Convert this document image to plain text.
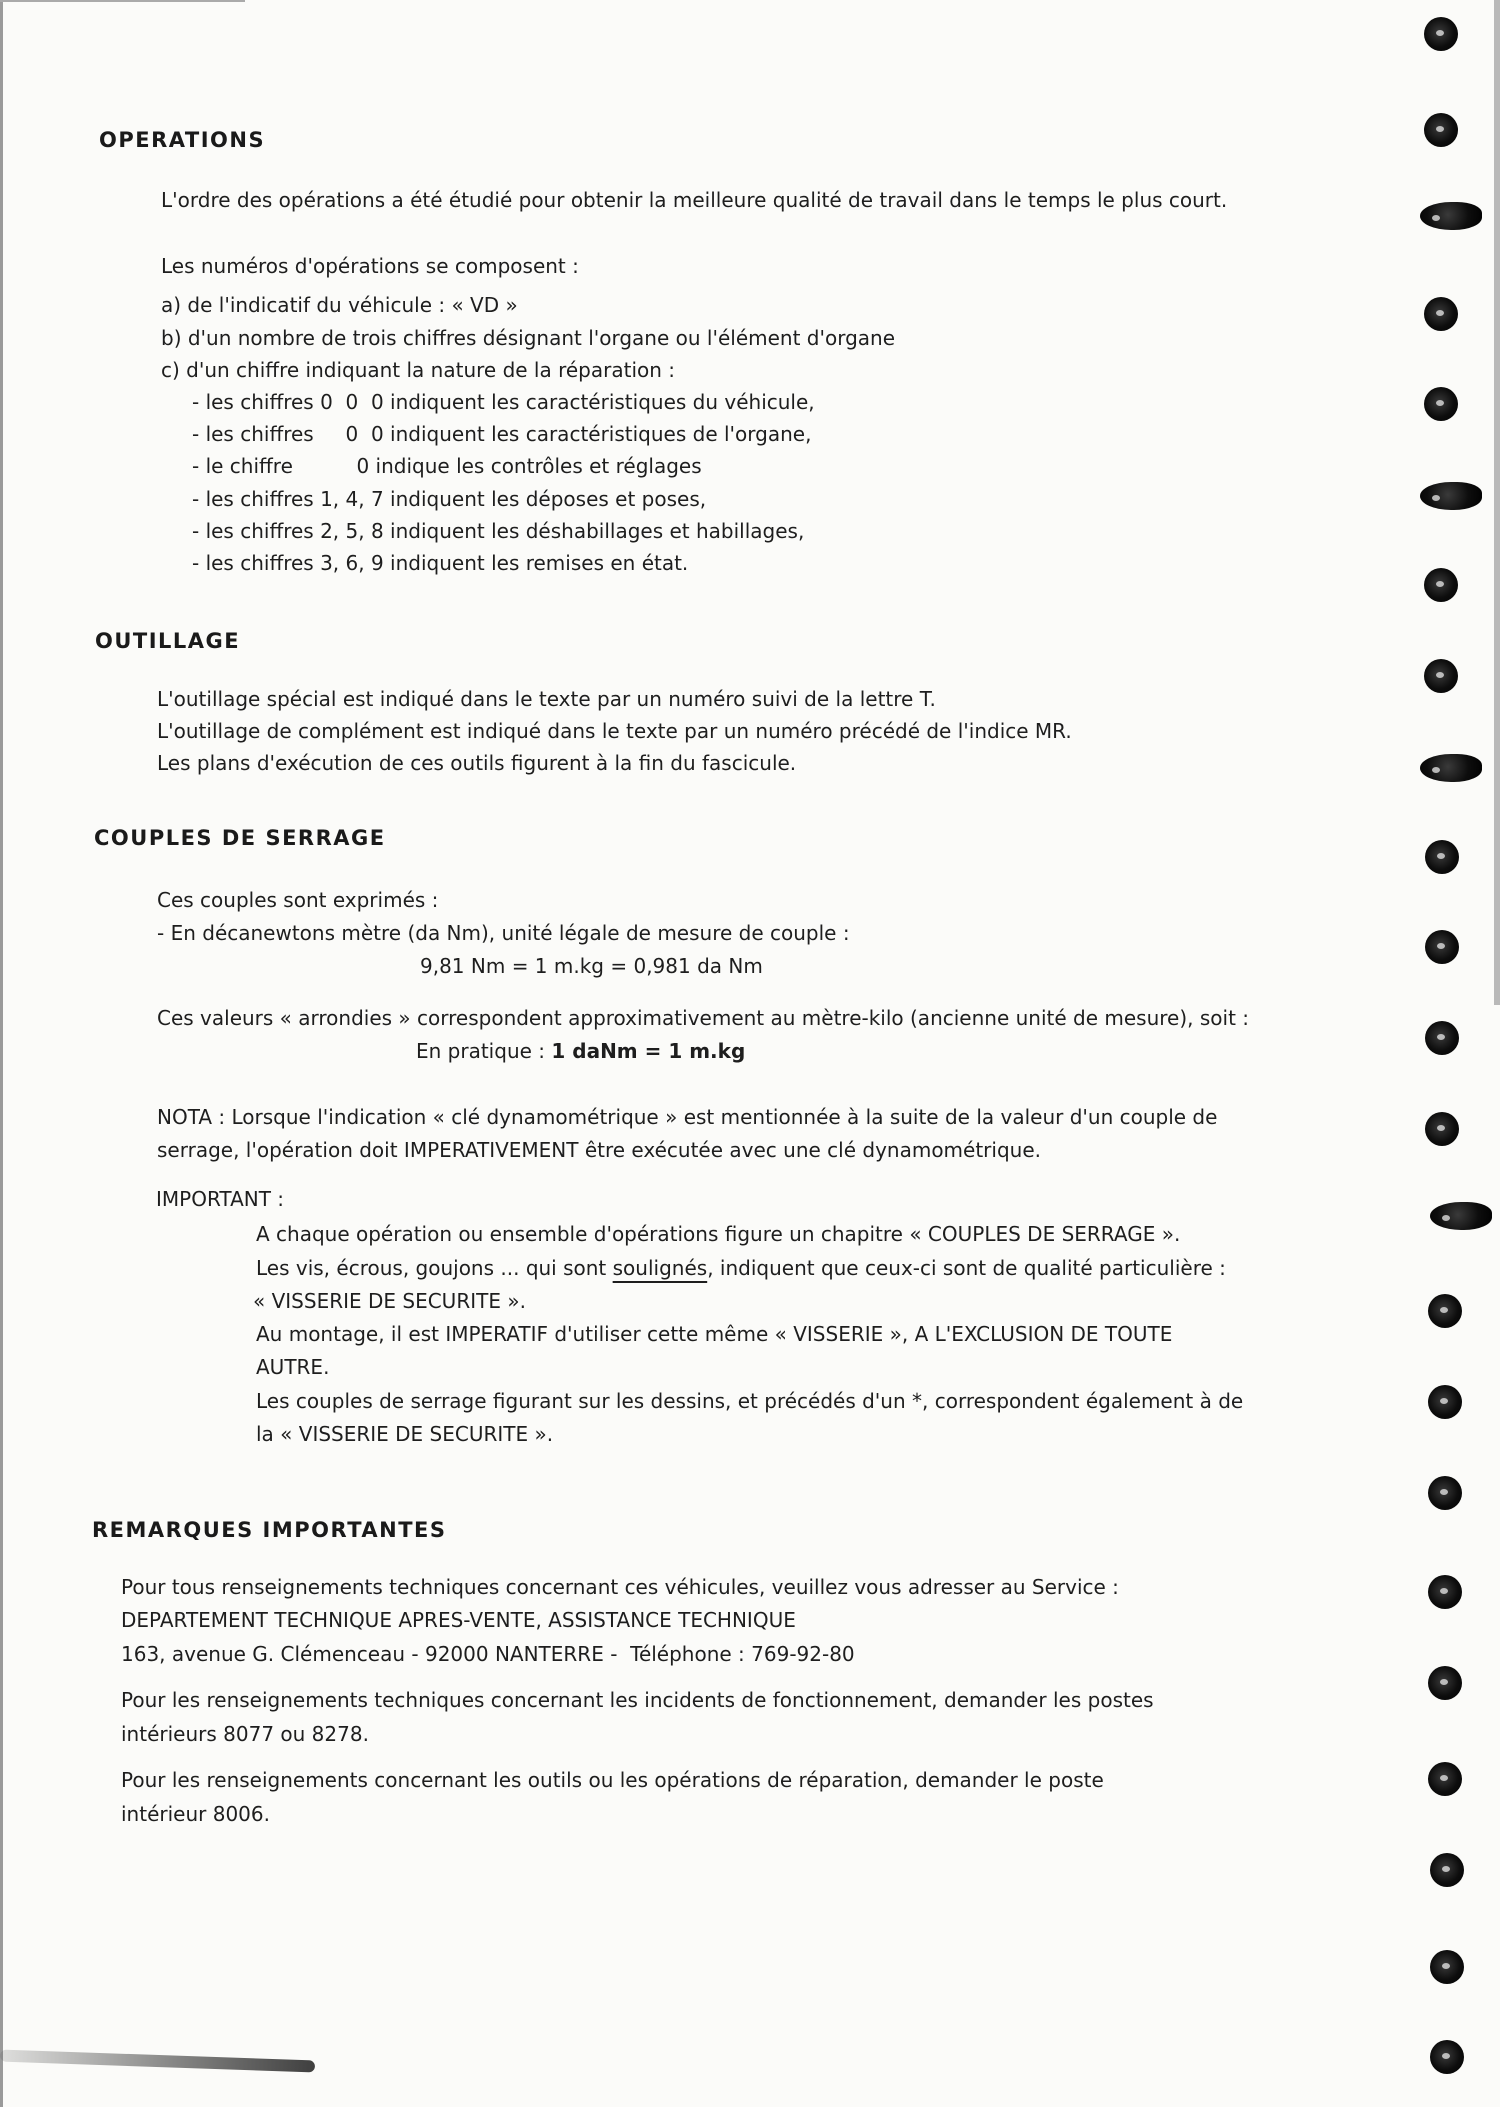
OPERATIONS
L'ordre des opérations a été étudié pour obtenir la meilleure qualité de travail dans le temps le plus court.
Les numéros d'opérations se composent :
a) de l'indicatif du véhicule : « VD »
b) d'un nombre de trois chiffres désignant l'organe ou l'élément d'organe
c) d'un chiffre indiquant la nature de la réparation :
- les chiffres 0  0  0 indiquent les caractéristiques du véhicule,
- les chiffres     0  0 indiquent les caractéristiques de l'organe,
- le chiffre          0 indique les contrôles et réglages
- les chiffres 1, 4, 7 indiquent les déposes et poses,
- les chiffres 2, 5, 8 indiquent les déshabillages et habillages,
- les chiffres 3, 6, 9 indiquent les remises en état.
OUTILLAGE
L'outillage spécial est indiqué dans le texte par un numéro suivi de la lettre T.
L'outillage de complément est indiqué dans le texte par un numéro précédé de l'indice MR.
Les plans d'exécution de ces outils figurent à la fin du fascicule.
COUPLES DE SERRAGE
Ces couples sont exprimés :
- En décanewtons mètre (da Nm), unité légale de mesure de couple :
9,81 Nm = 1 m.kg = 0,981 da Nm
Ces valeurs « arrondies » correspondent approximativement au mètre-kilo (ancienne unité de mesure), soit :
En pratique : 1 daNm = 1 m.kg
NOTA : Lorsque l'indication « clé dynamométrique » est mentionnée à la suite de la valeur d'un couple de
serrage, l'opération doit IMPERATIVEMENT être exécutée avec une clé dynamométrique.
IMPORTANT :
A chaque opération ou ensemble d'opérations figure un chapitre « COUPLES DE SERRAGE ».
Les vis, écrous, goujons ... qui sont soulignés, indiquent que ceux-ci sont de qualité particulière :
« VISSERIE DE SECURITE ».
Au montage, il est IMPERATIF d'utiliser cette même « VISSERIE », A L'EXCLUSION DE TOUTE
AUTRE.
Les couples de serrage figurant sur les dessins, et précédés d'un *, correspondent également à de
la « VISSERIE DE SECURITE ».
REMARQUES IMPORTANTES
Pour tous renseignements techniques concernant ces véhicules, veuillez vous adresser au Service :
DEPARTEMENT TECHNIQUE APRES-VENTE, ASSISTANCE TECHNIQUE
163, avenue G. Clémenceau - 92000 NANTERRE -  Téléphone : 769-92-80
Pour les renseignements techniques concernant les incidents de fonctionnement, demander les postes
intérieurs 8077 ou 8278.
Pour les renseignements concernant les outils ou les opérations de réparation, demander le poste
intérieur 8006.
